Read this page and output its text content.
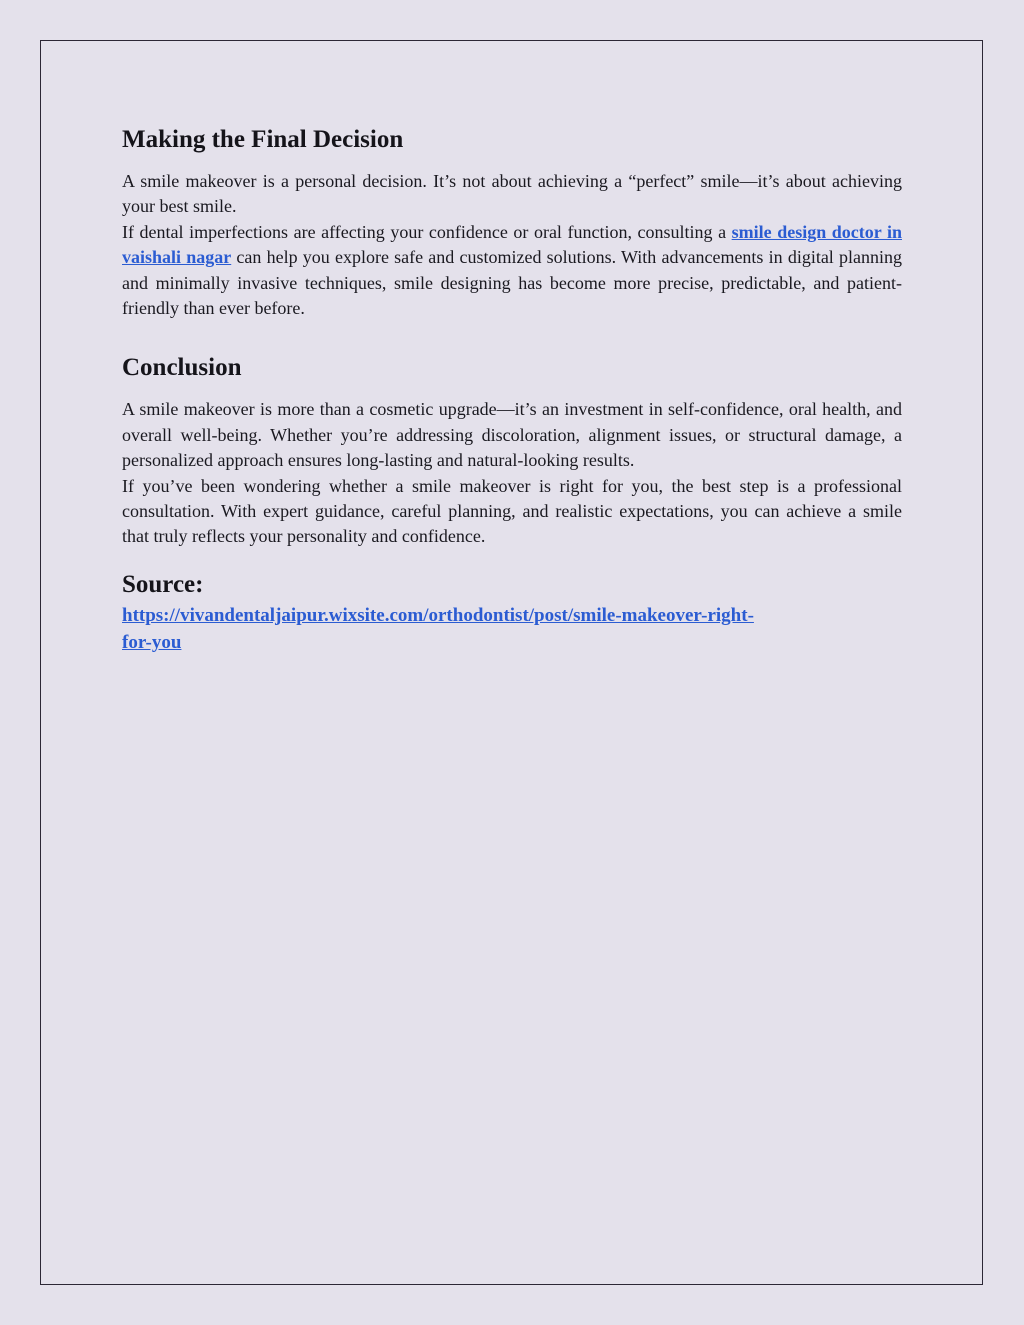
Making the Final Decision

A smile makeover is a personal decision. It’s not about achieving a “perfect” smile—it’s about achieving your best smile.

If dental imperfections are affecting your confidence or oral function, consulting a smile design doctor in vaishali nagar can help you explore safe and customized solutions. With advancements in digital planning and minimally invasive techniques, smile designing has become more precise, predictable, and patient-friendly than ever before.

Conclusion

A smile makeover is more than a cosmetic upgrade—it’s an investment in self-confidence, oral health, and overall well-being. Whether you’re addressing discoloration, alignment issues, or structural damage, a personalized approach ensures long-lasting and natural-looking results.

If you’ve been wondering whether a smile makeover is right for you, the best step is a professional consultation. With expert guidance, careful planning, and realistic expectations, you can achieve a smile that truly reflects your personality and confidence.

Source:
https://vivandentaljaipur.wixsite.com/orthodontist/post/smile-makeover-right-
for-you
